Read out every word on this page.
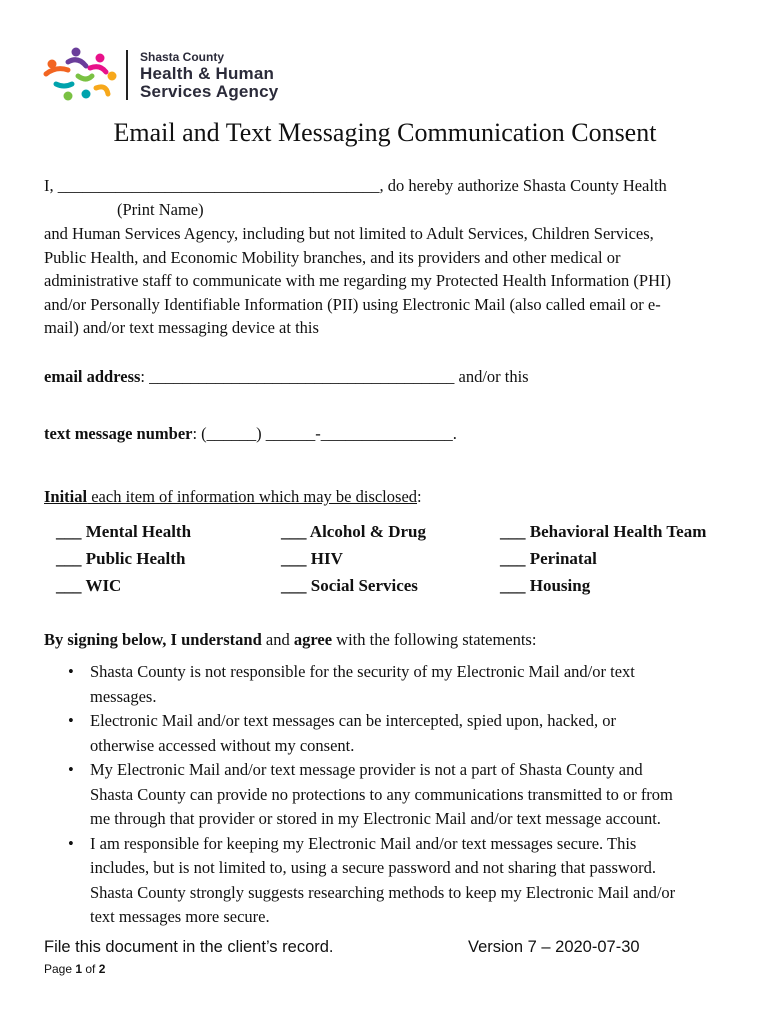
Shasta County
Health & Human
Services Agency
Email and Text Messaging Communication Consent
I, _______________________________________, do hereby authorize Shasta County Health
(Print Name)
and Human Services Agency, including but not limited to Adult Services, Children Services,
Public Health, and Economic Mobility branches, and its providers and other medical or
administrative staff to communicate with me regarding my Protected Health Information (PHI)
and/or Personally Identifiable Information (PII) using Electronic Mail (also called email or e-
mail) and/or text messaging device at this
email address: _____________________________________ and/or this
text message number: (______) ______-________________.
Initial each item of information which may be disclosed:
___ Mental Health	___ Alcohol & Drug	___ Behavioral Health Team
___ Public Health	___ HIV	___ Perinatal
___ WIC	___ Social Services	___ Housing
By signing below, I understand and agree with the following statements:
• Shasta County is not responsible for the security of my Electronic Mail and/or text
messages.
• Electronic Mail and/or text messages can be intercepted, spied upon, hacked, or
otherwise accessed without my consent.
• My Electronic Mail and/or text message provider is not a part of Shasta County and
Shasta County can provide no protections to any communications transmitted to or from
me through that provider or stored in my Electronic Mail and/or text message account.
• I am responsible for keeping my Electronic Mail and/or text messages secure. This
includes, but is not limited to, using a secure password and not sharing that password.
Shasta County strongly suggests researching methods to keep my Electronic Mail and/or
text messages more secure.
File this document in the client’s record.	Version 7 – 2020-07-30
Page 1 of 2
